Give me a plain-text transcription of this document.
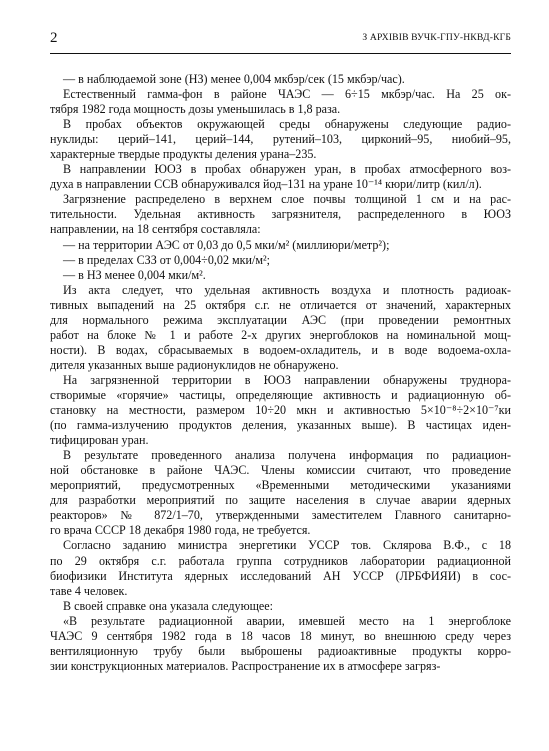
2	З АРХІВІВ ВУЧК-ГПУ-НКВД-КГБ

— в наблюдаемой зоне (НЗ) менее 0,004 мкбэр/сек (15 мкбэр/час).

Естественный гамма-фон в районе ЧАЭС — 6÷15 мкбэр/час. На 25 ок-

тября 1982 года мощность дозы уменьшилась в 1,8 раза.

В пробах объектов окружающей среды обнаружены следующие радио-

нуклиды: церий–141, церий–144, рутений–103, цирконий–95, ниобий–95,

характерные твердые продукты деления урана–235.

В направлении ЮОЗ в пробах обнаружен уран, в пробах атмосферного воз-

духа в направлении ССВ обнаруживался йод–131 на уране 10⁻¹⁴ кюри/литр (кил/л).

Загрязнение распределено в верхнем слое почвы толщиной 1 см и на рас-

тительности. Удельная активность загрязнителя, распределенного в ЮОЗ

направлении, на 18 сентября составляла:

— на территории АЭС от 0,03 до 0,5 мки/м² (миллиюри/метр²);

— в пределах СЗЗ от 0,004÷0,02 мки/м²;

— в НЗ менее 0,004 мки/м².

Из акта следует, что удельная активность воздуха и плотность радиоак-

тивных выпадений на 25 октября с.г. не отличается от значений, характерных

для нормального режима эксплуатации АЭС (при проведении ремонтных

работ на блоке № 1 и работе 2-х других энергоблоков на номинальной мощ-

ности). В водах, сбрасываемых в водоем-охладитель, и в воде водоема-охла-

дителя указанных выше радионуклидов не обнаружено.

На загрязненной территории в ЮОЗ направлении обнаружены трудноpа-

створимые «горячие» частицы, определяющие активность и радиационную об-

становку на местности, размером 10÷20 мкн и активностью 5×10⁻⁸÷2×10⁻⁷ки

(по гамма-излучению продуктов деления, указанных выше). В частицах иден-

тифицирован уран.

В результате проведенного анализа получена информация по радиацион-

ной обстановке в районе ЧАЭС. Члены комиссии считают, что проведение

мероприятий, предусмотренных «Временными методическими указаниями

для разработки мероприятий по защите населения в случае аварии ядерных

реакторов» № 872/1–70, утвержденными заместителем Главного санитарно-

го врача СССР 18 декабря 1980 года, не требуется.

Согласно заданию министра энергетики УССР тов. Склярова В.Ф., с 18

по 29 октября с.г. работала группа сотрудников лаборатории радиационной

биофизики Института ядерных исследований АН УССР (ЛРБФИЯИ) в сос-

таве 4 человек.

В своей справке она указала следующее:

«В результате радиационной аварии, имевшей место на 1 энергоблоке

ЧАЭС 9 сентября 1982 года в 18 часов 18 минут, во внешнюю среду через

вентиляционную трубу были выброшены радиоактивные продукты корро-

зии конструкционных материалов. Распространение их в атмосфере загряз-
